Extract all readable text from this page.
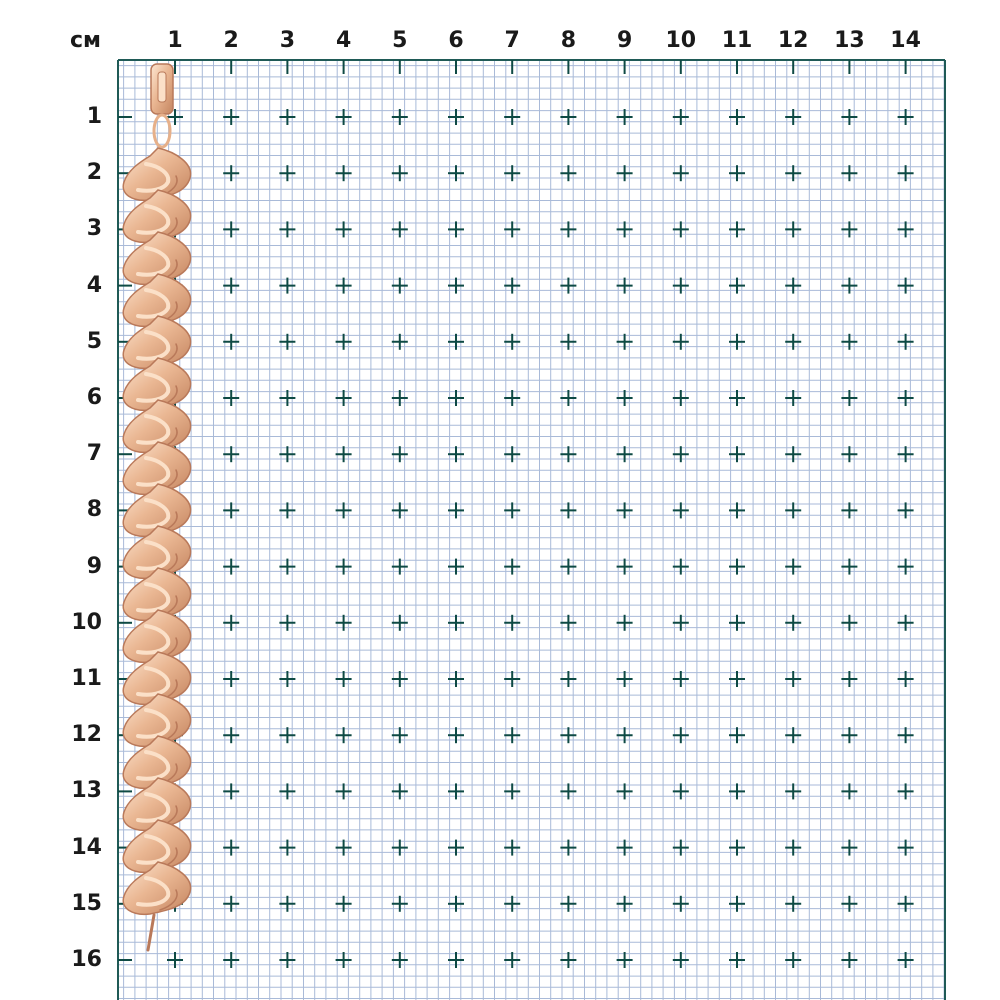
см	1	2	3	4	5	6	7	8	9	10 11 12 13 14
1
2
3
4
5
6
7
8
9
10
11
12
13
14
15
16
